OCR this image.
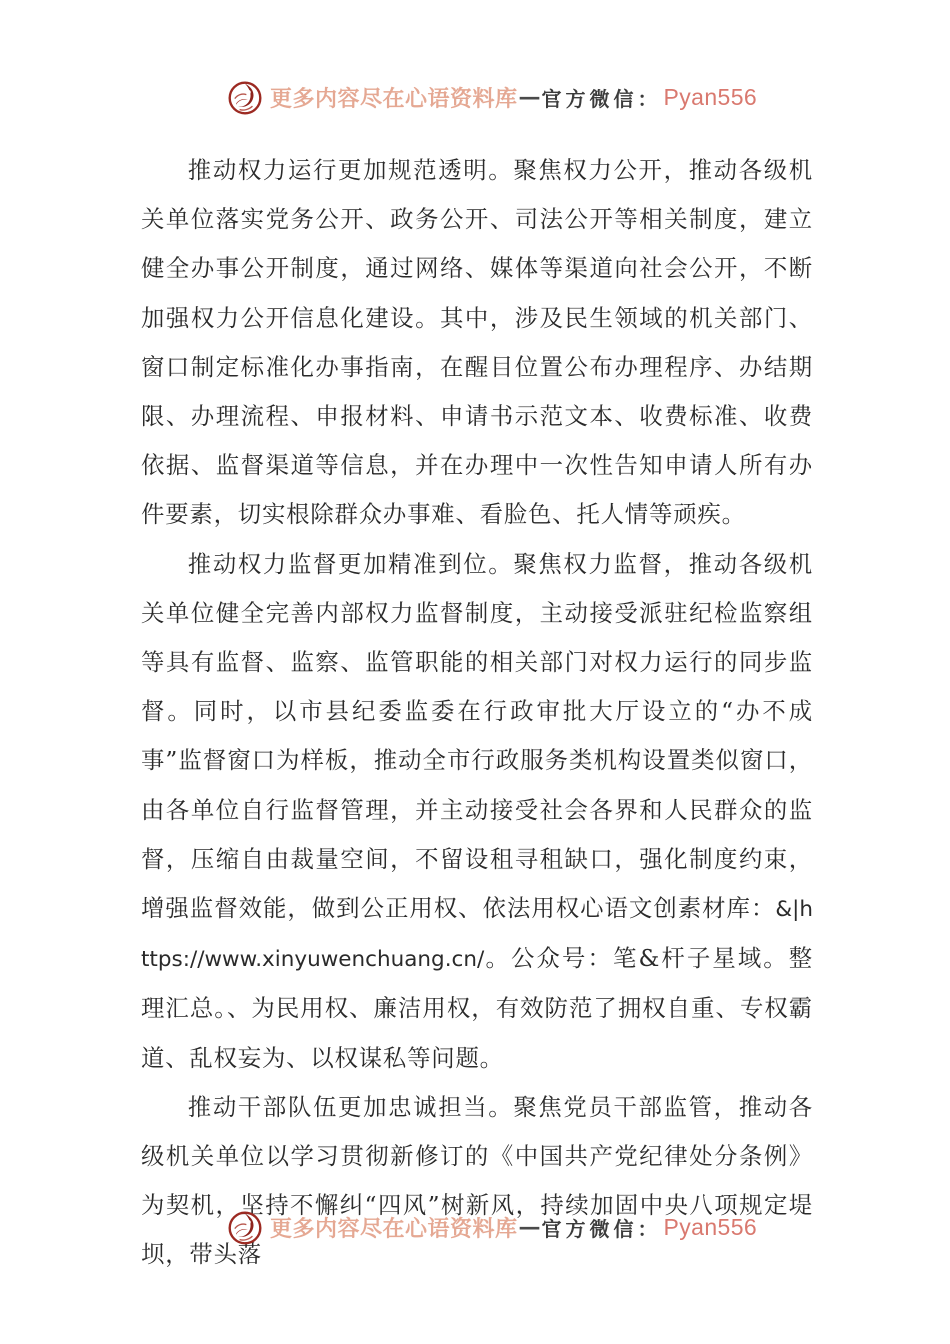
更多内容尽在心语资料库 — 官方微信 ： Pyan556

推动权力运行更加规范透明。聚焦权力公开，推动各级机关单位落实党务公开、政务公开、司法公开等相关制度，建立健全办事公开制度，通过网络、媒体等渠道向社会公开，不断加强权力公开信息化建设。其中，涉及民生领域的机关部门、窗口制定标准化办事指南，在醒目位置公布办理程序、办结期限、办理流程、申报材料、申请书示范文本、收费标准、收费依据、监督渠道等信息，并在办理中一次性告知申请人所有办件要素，切实根除群众办事难、看脸色、托人情等顽疾。

推动权力监督更加精准到位。聚焦权力监督，推动各级机关单位健全完善内部权力监督制度，主动接受派驻纪检监察组等具有监督、监察、监管职能的相关部门对权力运行的同步监督。同时，以市县纪委监委在行政审批大厅设立的“办不成事”监督窗口为样板，推动全市行政服务类机构设置类似窗口，由各单位自行监督管理，并主动接受社会各界和人民群众的监督，压缩自由裁量空间，不留设租寻租缺口，强化制度约束，增强监督效能，做到公正用权、依法用权心语文创素材库：&|https://www.xinyuwenchuang.cn/。公众号：笔&杆子星域。整理汇总。、为民用权、廉洁用权，有效防范了拥权自重、专权霸道、乱权妄为、以权谋私等问题。

推动干部队伍更加忠诚担当。聚焦党员干部监管，推动各级机关单位以学习贯彻新修订的《中国共产党纪律处分条例》为契机，坚持不懈纠“四风”树新风，持续加固中央八项规定堤坝，带头落

更多内容尽在心语资料库 — 官方微信 ： Pyan556
